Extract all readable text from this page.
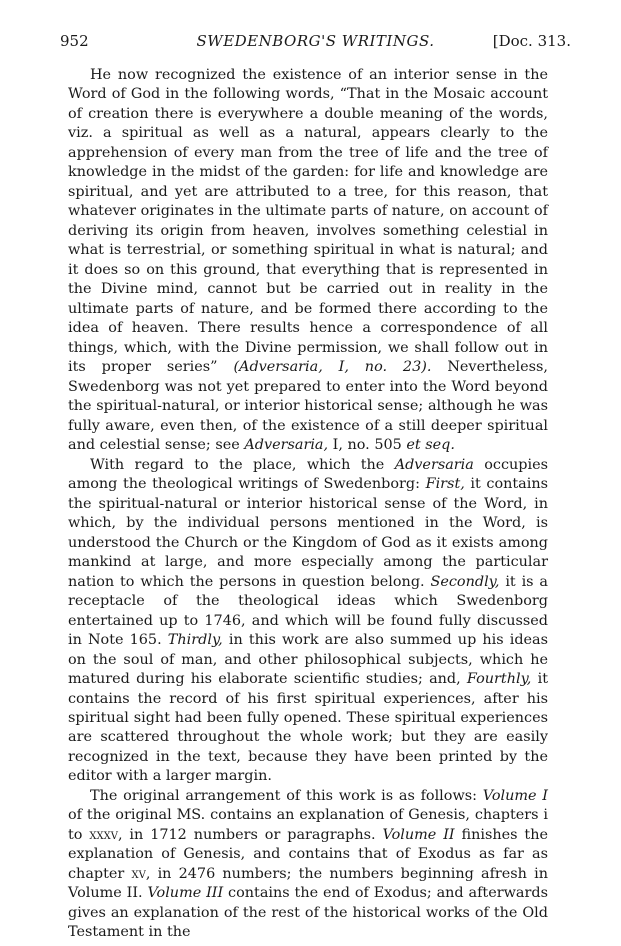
952	SWEDENBORG'S WRITINGS.	[Doc. 313.

He now recognized the existence of an interior sense in the Word of God in the following words, “That in the Mosaic account of creation there is everywhere a double meaning of the words, viz. a spiritual as well as a natural, appears clearly to the apprehension of every man from the tree of life and the tree of knowledge in the midst of the garden: for life and knowledge are spiritual, and yet are attributed to a tree, for this reason, that whatever originates in the ultimate parts of nature, on account of deriving its origin from heaven, involves something celestial in what is terrestrial, or something spiritual in what is natural; and it does so on this ground, that everything that is represented in the Divine mind, cannot but be carried out in reality in the ultimate parts of nature, and be formed there according to the idea of heaven. There results hence a correspondence of all things, which, with the Divine permission, we shall follow out in its proper series” (Adversaria, I, no. 23). Nevertheless, Swedenborg was not yet prepared to enter into the Word beyond the spiritual-natural, or interior historical sense; although he was fully aware, even then, of the existence of a still deeper spiritual and celestial sense; see Adversaria, I, no. 505 et seq.

With regard to the place, which the Adversaria occupies among the theological writings of Swedenborg: First, it contains the spiritual-natural or interior historical sense of the Word, in which, by the individual persons mentioned in the Word, is understood the Church or the Kingdom of God as it exists among mankind at large, and more especially among the particular nation to which the persons in question belong. Secondly, it is a receptacle of the theological ideas which Swedenborg entertained up to 1746, and which will be found fully discussed in Note 165. Thirdly, in this work are also summed up his ideas on the soul of man, and other philosophical subjects, which he matured during his elaborate scientific studies; and, Fourthly, it contains the record of his first spiritual experiences, after his spiritual sight had been fully opened. These spiritual experiences are scattered throughout the whole work; but they are easily recognized in the text, because they have been printed by the editor with a larger margin.

The original arrangement of this work is as follows: Volume I of the original MS. contains an explanation of Genesis, chapters i to xxxv, in 1712 numbers or paragraphs. Volume II finishes the explanation of Genesis, and contains that of Exodus as far as chapter xv, in 2476 numbers; the numbers beginning afresh in Volume II. Volume III contains the end of Exodus; and afterwards gives an explanation of the rest of the historical works of the Old Testament in the
